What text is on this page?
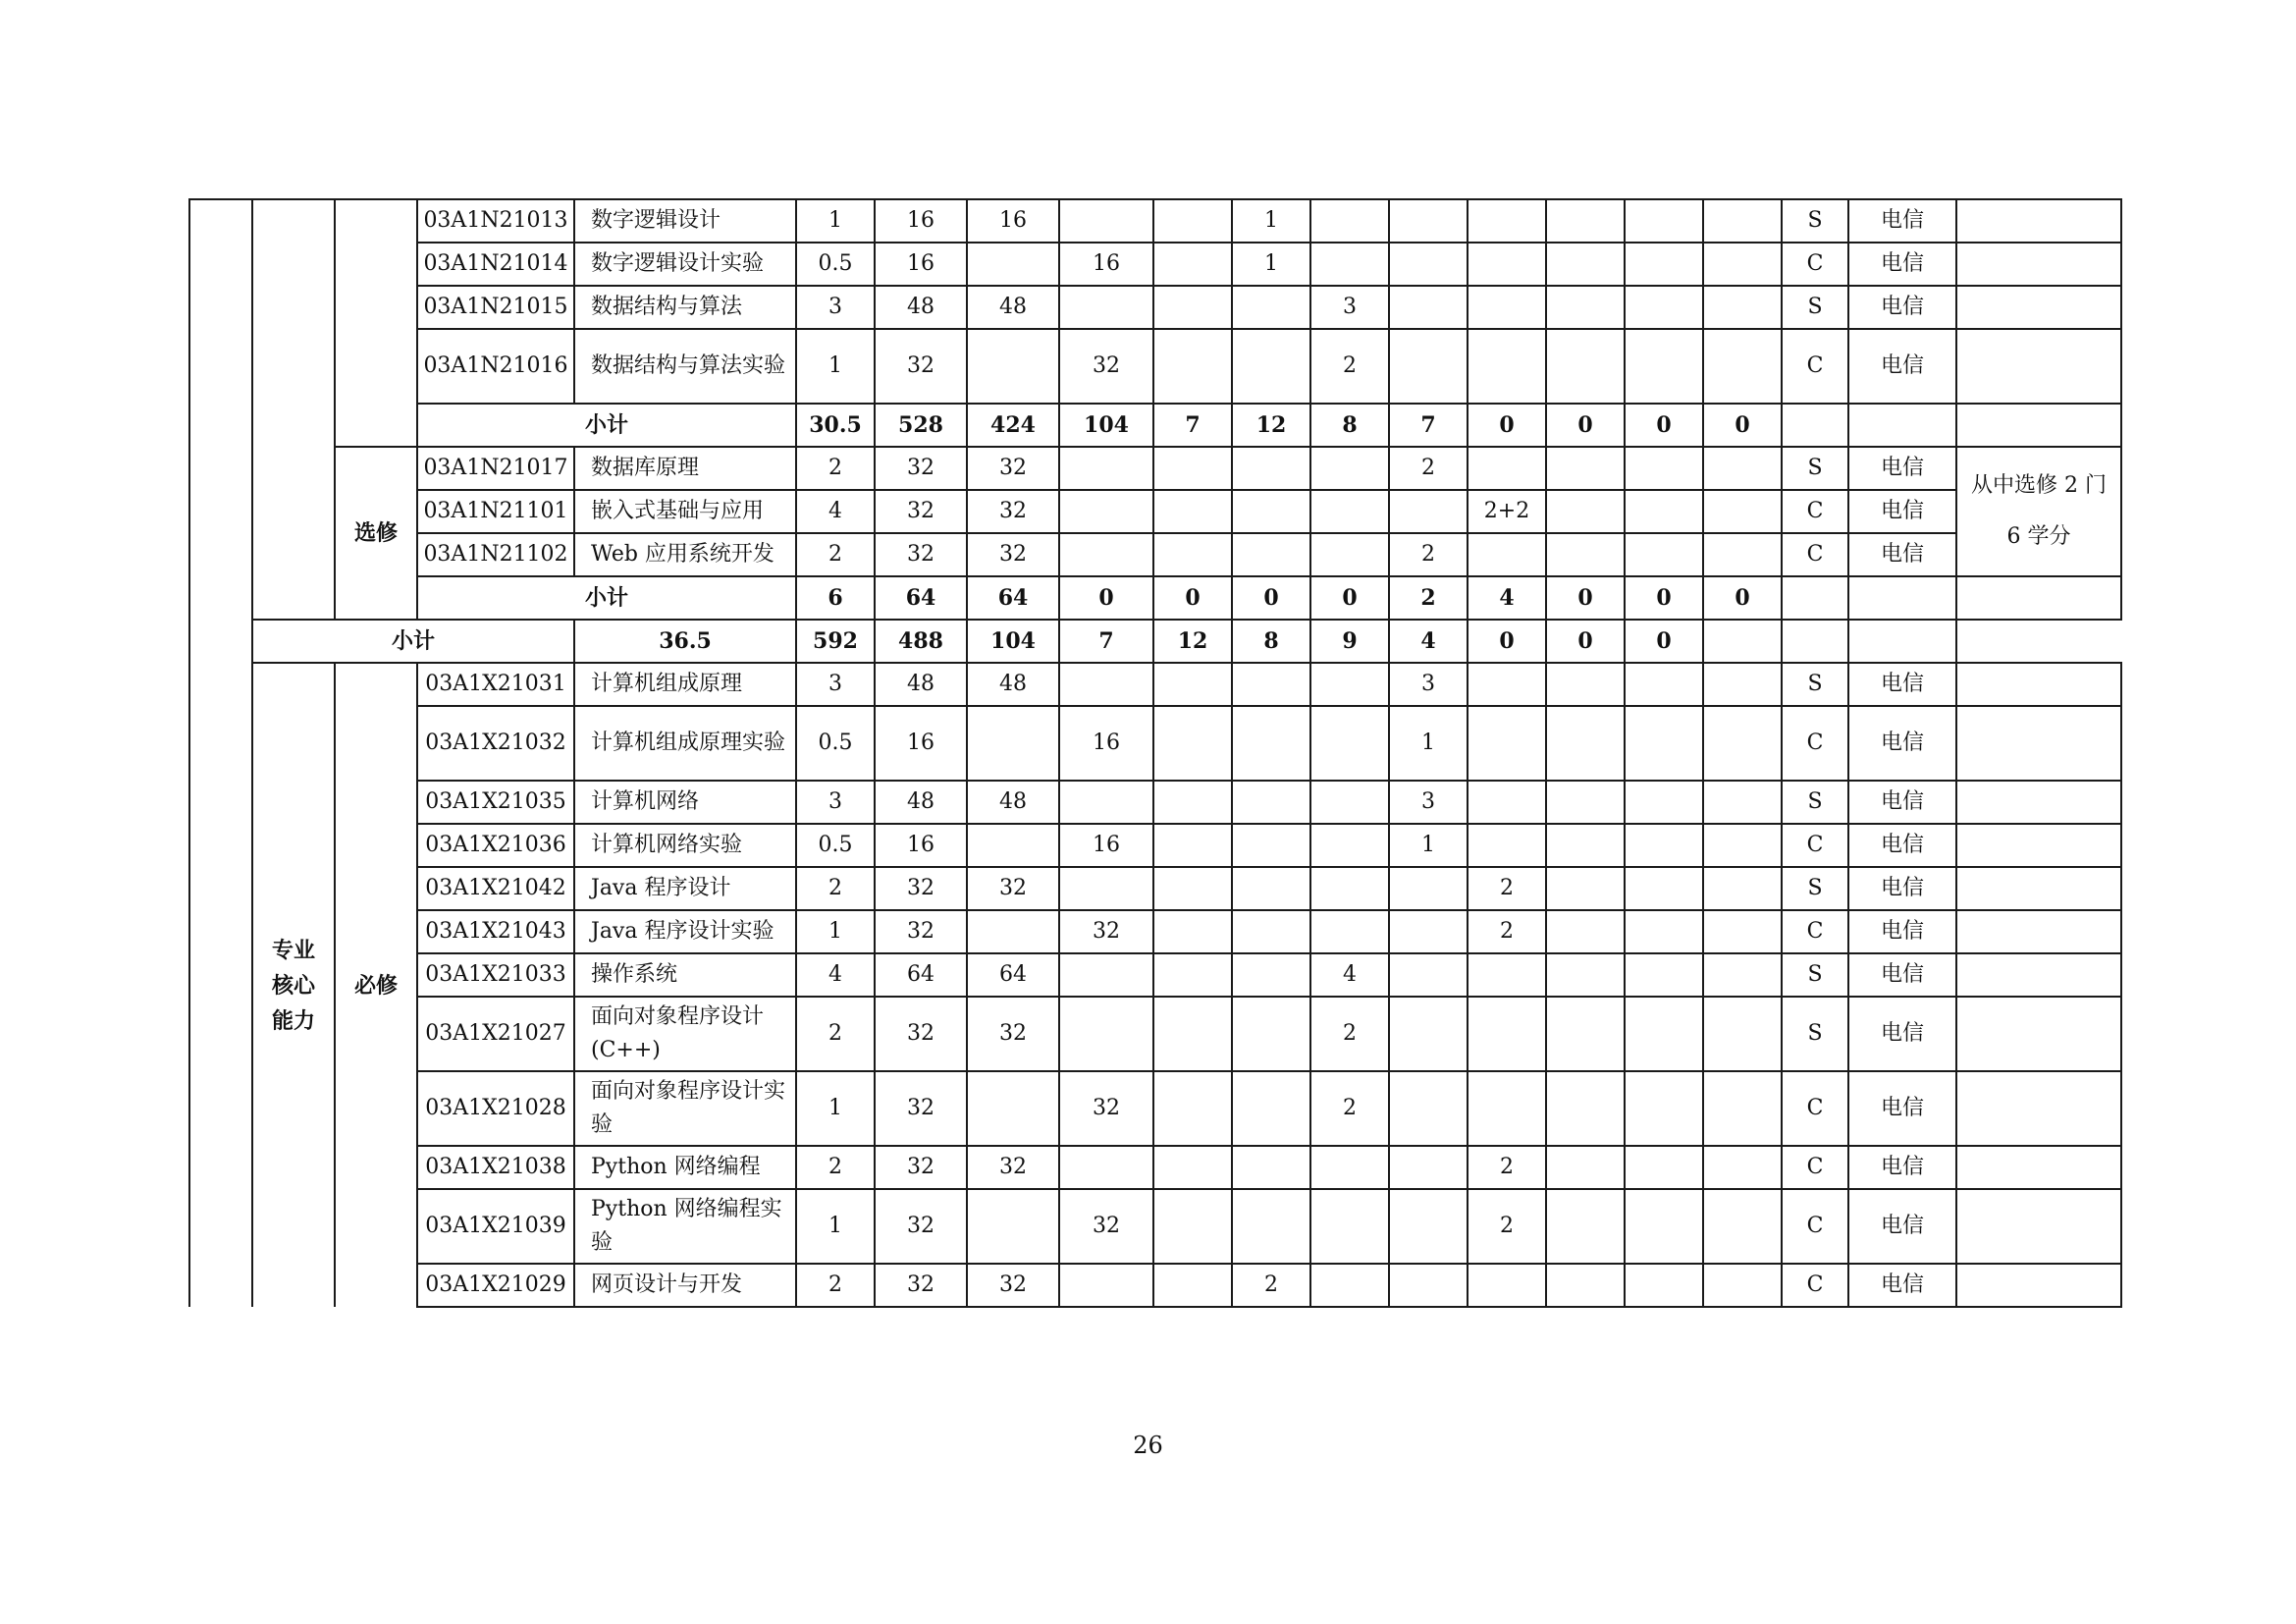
			03A1N21013	数字逻辑设计	1	16	16			1							S	电信	
			03A1N21014	数字逻辑设计实验	0.5	16		16		1							C	电信	
			03A1N21015	数据结构与算法	3	48	48				3						S	电信	
			03A1N21016	数据结构与算法实验	1	32		32			2						C	电信	
			小计		30.5	528	424	104	7	12	8	7	0	0	0	0			
		选修	03A1N21017	数据库原理	2	32	32					2					S	电信	从中选修 2 门 6 学分
			03A1N21101	嵌入式基础与应用	4	32	32						2+2				C	电信	
			03A1N21102	Web 应用系统开发	2	32	32					2					C	电信	
			小计		6	64	64	0	0	0	0	2	4	0	0	0			
	小计			36.5	592	488	104	7	12	8	9	4	0	0	0				
	专业核心能力	必修	03A1X21031	计算机组成原理	3	48	48					3					S	电信	
			03A1X21032	计算机组成原理实验	0.5	16		16				1					C	电信	
			03A1X21035	计算机网络	3	48	48					3					S	电信	
			03A1X21036	计算机网络实验	0.5	16		16				1					C	电信	
			03A1X21042	Java 程序设计	2	32	32						2				S	电信	
			03A1X21043	Java 程序设计实验	1	32		32					2				C	电信	
			03A1X21033	操作系统	4	64	64				4						S	电信	
			03A1X21027	面向对象程序设计(C++)	2	32	32				2						S	电信	
			03A1X21028	面向对象程序设计实验	1	32		32			2						C	电信	
			03A1X21038	Python 网络编程	2	32	32						2				C	电信	
			03A1X21039	Python 网络编程实验	1	32		32					2				C	电信	
			03A1X21029	网页设计与开发	2	32	32			2							C	电信	
26
